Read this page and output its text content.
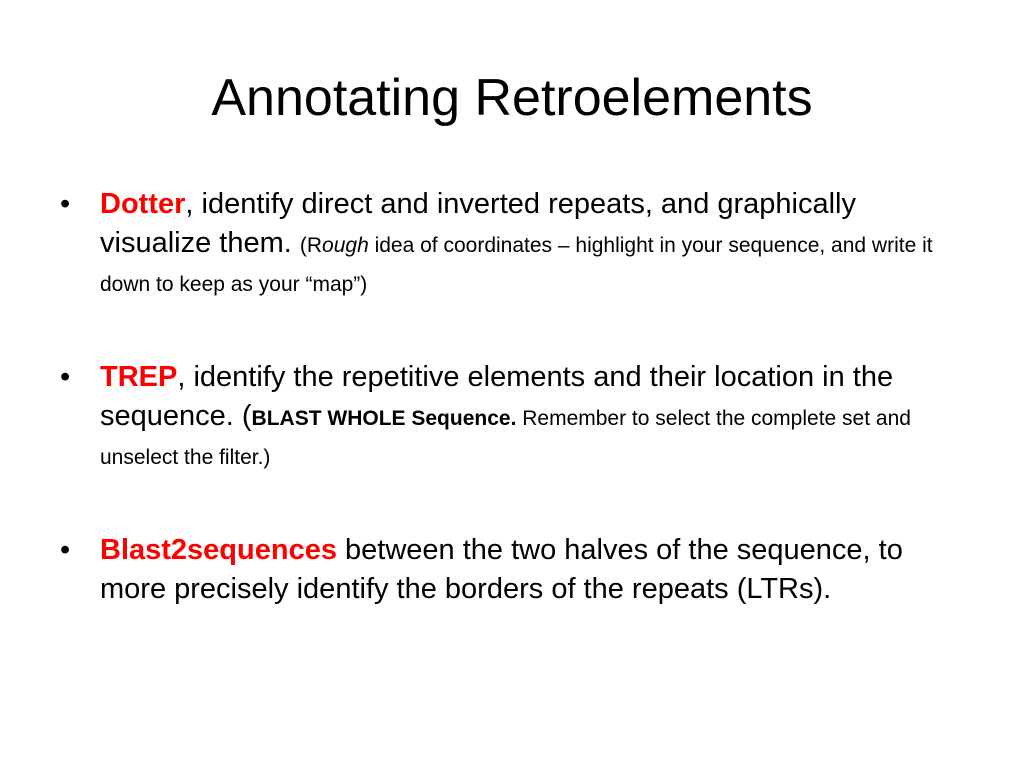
Annotating Retroelements
• Dotter, identify direct and inverted repeats, and graphically visualize them. (Rough idea of coordinates – highlight in your sequence, and write it down to keep as your “map”)
• TREP, identify the repetitive elements and their location in the sequence. (BLAST WHOLE Sequence. Remember to select the complete set and unselect the filter.)
• Blast2sequences between the two halves of the sequence, to more precisely identify the borders of the repeats (LTRs).
